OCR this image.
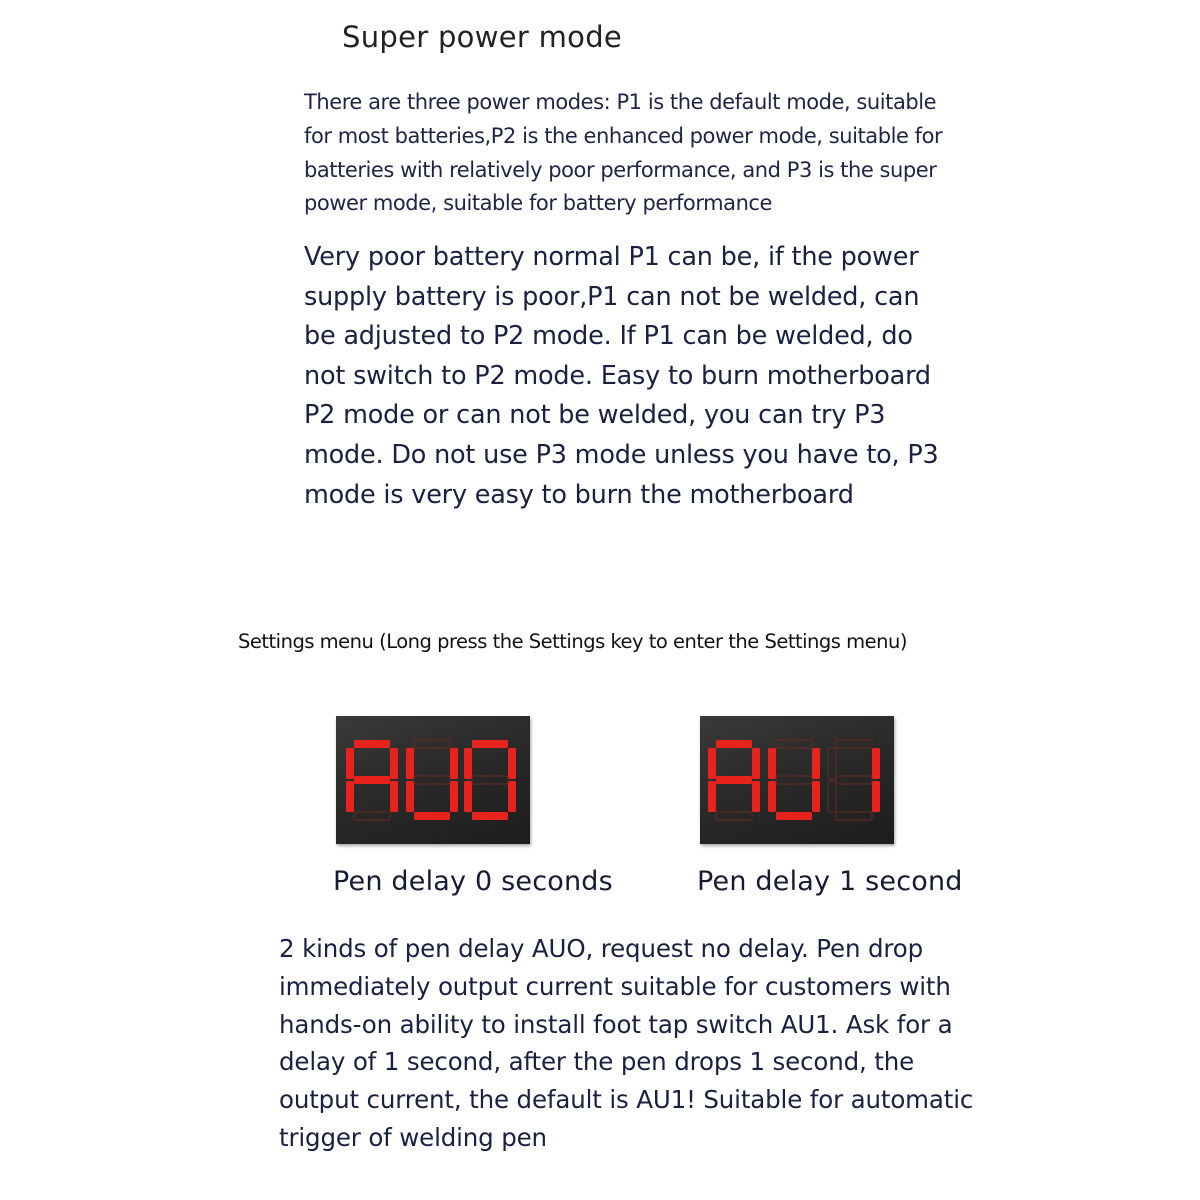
Super power mode
There are three power modes: P1 is the default mode, suitable
for most batteries,P2 is the enhanced power mode, suitable for
batteries with relatively poor performance, and P3 is the super
power mode, suitable for battery performance
Very poor battery normal P1 can be, if the power
supply battery is poor,P1 can not be welded, can
be adjusted to P2 mode. If P1 can be welded, do
not switch to P2 mode. Easy to burn motherboard
P2 mode or can not be welded, you can try P3
mode. Do not use P3 mode unless you have to, P3
mode is very easy to burn the motherboard
Settings menu (Long press the Settings key to enter the Settings menu)
Pen delay 0 seconds	Pen delay 1 second
2 kinds of pen delay AUO, request no delay. Pen drop
immediately output current suitable for customers with
hands-on ability to install foot tap switch AU1. Ask for a
delay of 1 second, after the pen drops 1 second, the
output current, the default is AU1! Suitable for automatic
trigger of welding pen
